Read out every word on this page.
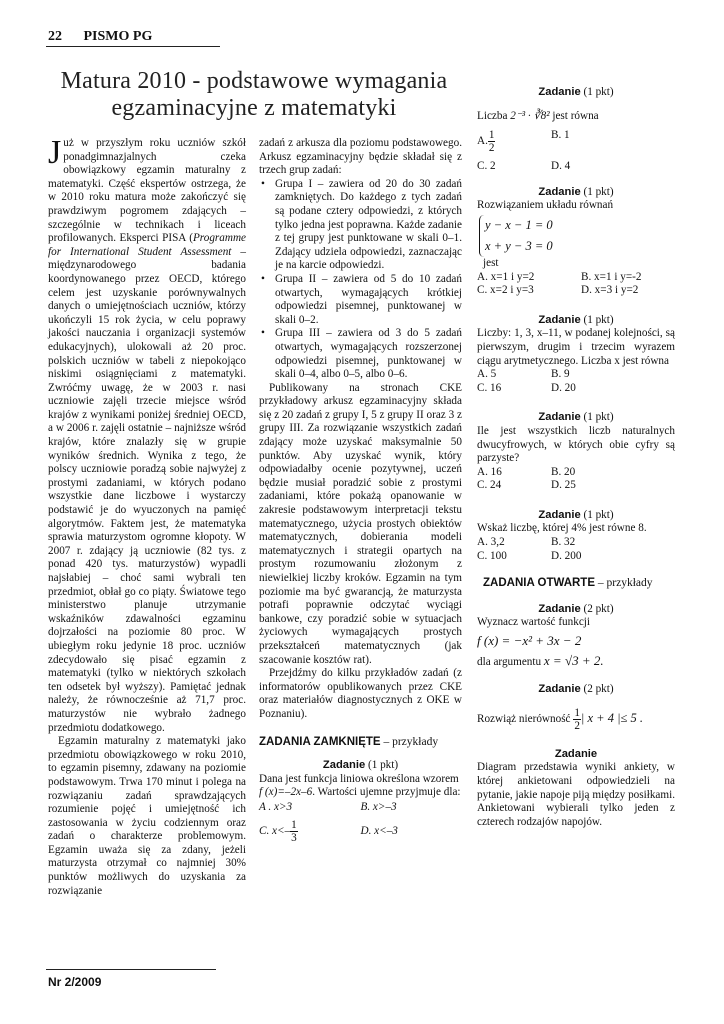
22 PISMO PG
Matura 2010 - podstawowe wymagania
egzaminacyjne z matematyki

Już w przyszłym roku uczniów szkół ponadgimnazjalnych czeka obowiązkowy egzamin maturalny z matematyki. Część ekspertów ostrzega, że w 2010 roku matura może zakończyć się prawdziwym pogromem zdających – szczególnie w technikach i liceach profilowanych. Eksperci PISA (Programme for International Student Assessment – międzynarodowego badania koordynowanego przez OECD, którego celem jest uzyskanie porównywalnych danych o umiejętnościach uczniów, którzy ukończyli 15 rok życia, w celu poprawy jakości nauczania i organizacji systemów edukacyjnych), ulokowali aż 20 proc. polskich uczniów w tabeli z niepokojąco niskimi osiągnięciami z matematyki. Zwróćmy uwagę, że w 2003 r. nasi uczniowie zajęli trzecie miejsce wśród krajów z wynikami poniżej średniej OECD, a w 2006 r. zajęli ostatnie – najniższe wśród krajów, które znalazły się w grupie wyników średnich. Wynika z tego, że polscy uczniowie poradzą sobie najwyżej z prostymi zadaniami, w których podano wszystkie dane liczbowe i wystarczy podstawić je do wyuczonych na pamięć algorytmów. Faktem jest, że matematyka sprawia maturzystom ogromne kłopoty. W 2007 r. zdający ją uczniowie (82 tys. z ponad 420 tys. maturzystów) wypadli najsłabiej – choć sami wybrali ten przedmiot, obłał go co piąty. Światowe tego ministerstwo planuje utrzymanie wskaźników zdawalności egzaminu dojrzałości na poziomie 80 proc. W ubiegłym roku jedynie 18 proc. uczniów zdecydowało się pisać egzamin z matematyki (tylko w niektórych szkołach ten odsetek był wyższy). Pamiętać jednak należy, że równocześnie aż 71,7 proc. maturzystów nie wybrało żadnego przedmiotu dodatkowego.

Egzamin maturalny z matematyki jako przedmiotu obowiązkowego w roku 2010, to egzamin pisemny, zdawany na poziomie podstawowym. Trwa 170 minut i polega na rozwiązaniu zadań sprawdzających rozumienie pojęć i umiejętność ich zastosowania w życiu codziennym oraz zadań o charakterze problemowym. Egzamin uważa się za zdany, jeżeli maturzysta otrzymał co najmniej 30% punktów możliwych do uzyskania za rozwiązanie

zadań z arkusza dla poziomu podstawowego. Arkusz egzaminacyjny będzie składał się z trzech grup zadań:

• Grupa I – zawiera od 20 do 30 zadań zamkniętych. Do każdego z tych zadań są podane cztery odpowiedzi, z których tylko jedna jest poprawna. Każde zadanie z tej grupy jest punktowane w skali 0–1. Zdający udziela odpowiedzi, zaznaczając je na karcie odpowiedzi.
• Grupa II – zawiera od 5 do 10 zadań otwartych, wymagających krótkiej odpowiedzi pisemnej, punktowanej w skali 0–2.
• Grupa III – zawiera od 3 do 5 zadań otwartych, wymagających rozszerzonej odpowiedzi pisemnej, punktowanej w skali 0–4, albo 0–5, albo 0–6.

Publikowany na stronach CKE przykładowy arkusz egzaminacyjny składa się z 20 zadań z grupy I, 5 z grupy II oraz 3 z grupy III. Za rozwiązanie wszystkich zadań zdający może uzyskać maksymalnie 50 punktów. Aby uzyskać wynik, który odpowiadałby ocenie pozytywnej, uczeń będzie musiał poradzić sobie z prostymi zadaniami, które pokażą opanowanie w zakresie podstawowym interpretacji tekstu matematycznego, użycia prostych obiektów matematycznych, dobierania modeli matematycznych i strategii opartych na prostym rozumowaniu złożonym z niewielkiej liczby kroków. Egzamin na tym poziomie ma być gwarancją, że maturzysta potrafi poprawnie odczytać wyciągi bankowe, czy poradzić sobie w sytuacjach życiowych wymagających prostych przekształceń matematycznych (jak szacowanie kosztów rat).

Przejdźmy do kilku przykładów zadań (z informatorów opublikowanych przez CKE oraz materiałów diagnostycznych z OKE w Poznaniu).

ZADANIA ZAMKNIĘTE – przykłady
Zadanie (1 pkt)

Dana jest funkcja liniowa określona wzorem f (x)=–2x–6. Wartości ujemne przyjmuje dla:

A . x>3	B. x>–3
C. $x<- \frac{1}{3}$	D. x<–3
Zadanie (1 pkt)

Liczba 2⁻³ · ∛8² jest równa

A. $\frac{1}{2}$	B. 1
C. 2	D. 4
Zadanie (1 pkt)

Rozwiązaniem układu równań

y − x − 1 = 0
x + y − 3 = 0

jest

A. x=1 i y=2	B. x=1 i y=-2
C. x=2 i y=3	D. x=3 i y=2
Zadanie (1 pkt)

Liczby: 1, 3, x–11, w podanej kolejności, są pierwszym, drugim i trzecim wyrazem ciągu arytmetycznego. Liczba x jest równa

A. 5	B. 9
C. 16	D. 20
Zadanie (1 pkt)

Ile jest wszystkich liczb naturalnych dwucyfrowych, w których obie cyfry są parzyste?

A. 16	B. 20
C. 24	D. 25
Zadanie (1 pkt)

Wskaż liczbę, której 4% jest równe 8.

A. 3,2	B. 32
C. 100	D. 200
ZADANIA OTWARTE – przykłady
Zadanie (2 pkt)

Wyznacz wartość funkcji

f (x) = −x² + 3x − 2

dla argumentu x = √3 + 2.

Zadanie (2 pkt)

Rozwiąż nierówność $\frac{1}{2}$ | x + 4 |≤ 5 .

Zadanie

Diagram przedstawia wyniki ankiety, w której ankietowani odpowiedzieli na pytanie, jakie napoje piją między posiłkami. Ankietowani wybierali tylko jeden z czterech rodzajów napojów.

Nr 2/2009
